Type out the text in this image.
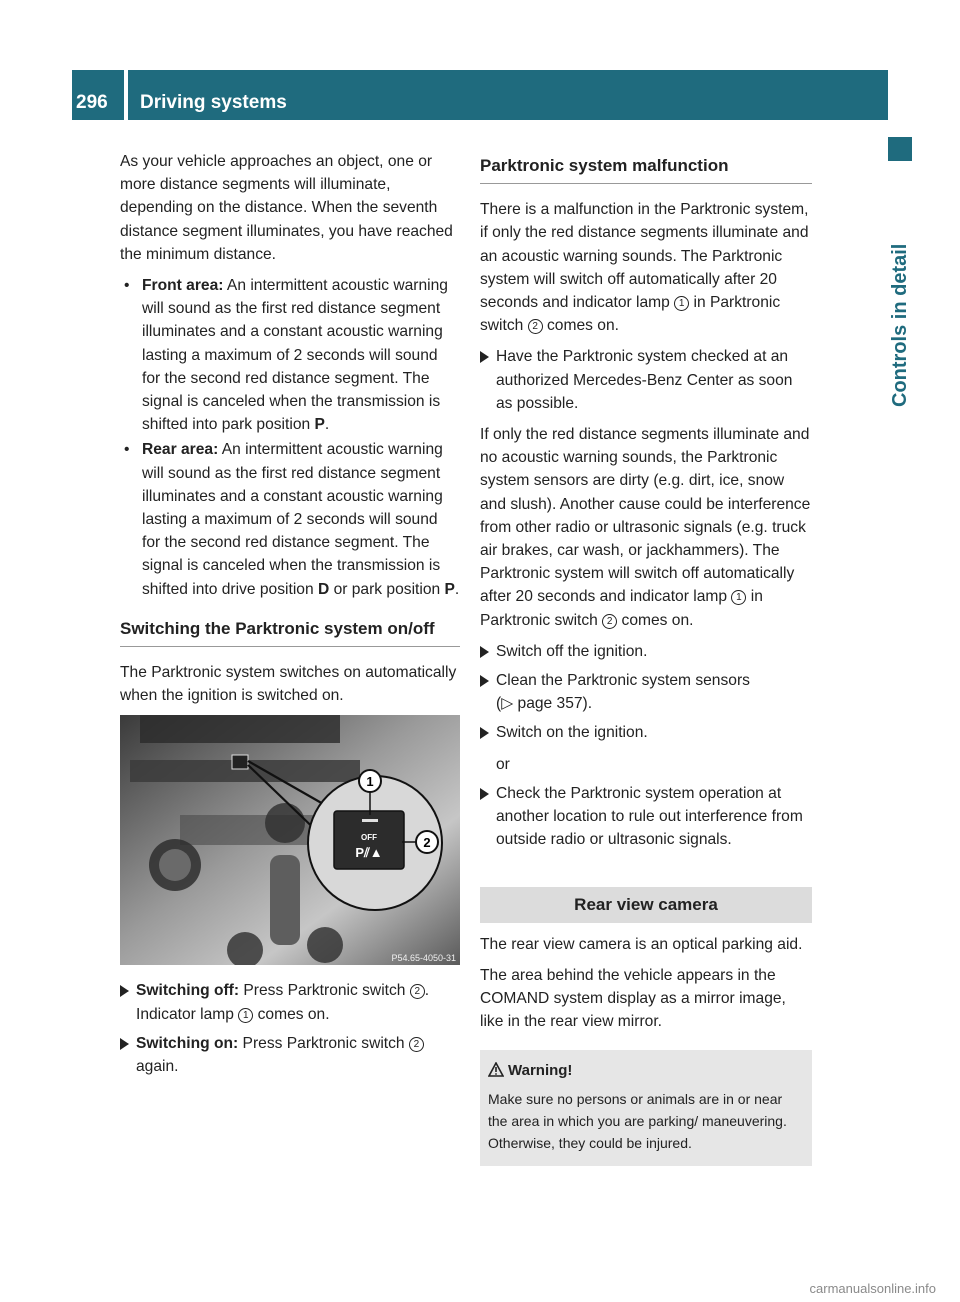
296	Driving systems
Controls in detail

As your vehicle approaches an object, one or more distance segments will illuminate, depending on the distance. When the seventh distance segment illuminates, you have reached the minimum distance.

• Front area: An intermittent acoustic warning will sound as the first red distance segment illuminates and a constant acoustic warning lasting a maximum of 2 seconds will sound for the second red distance segment. The signal is canceled when the transmission is shifted into park position P.
• Rear area: An intermittent acoustic warning will sound as the first red distance segment illuminates and a constant acoustic warning lasting a maximum of 2 seconds will sound for the second red distance segment. The signal is canceled when the transmission is shifted into drive position D or park position P.
Switching the Parktronic system on/off

The Parktronic system switches on automatically when the ignition is switched on.

OFF
P⫽▲
1
2
P54.65-4050-31
Switching off: Press Parktronic switch 2 .
Indicator lamp 1 comes on.
Switching on: Press Parktronic switch 2 again.
Parktronic system malfunction

There is a malfunction in the Parktronic system, if only the red distance segments illuminate and an acoustic warning sounds. The Parktronic system will switch off automatically after 20 seconds and indicator lamp 1 in Parktronic switch 2 comes on.

Have the Parktronic system checked at an authorized Mercedes-Benz Center as soon as possible.

If only the red distance segments illuminate and no acoustic warning sounds, the Parktronic system sensors are dirty (e.g. dirt, ice, snow and slush). Another cause could be interference from other radio or ultrasonic signals (e.g. truck air brakes, car wash, or jackhammers). The Parktronic system will switch off automatically after 20 seconds and indicator lamp 1 in Parktronic switch 2 comes on.

Switch off the ignition.
Clean the Parktronic system sensors
(▷ page 357).
Switch on the ignition.
or
Check the Parktronic system operation at another location to rule out interference from outside radio or ultrasonic signals.
Rear view camera

The rear view camera is an optical parking aid.

The area behind the vehicle appears in the COMAND system display as a mirror image, like in the rear view mirror.

Warning!
Make sure no persons or animals are in or near the area in which you are parking/ maneuvering. Otherwise, they could be injured.
carmanualsonline.info
